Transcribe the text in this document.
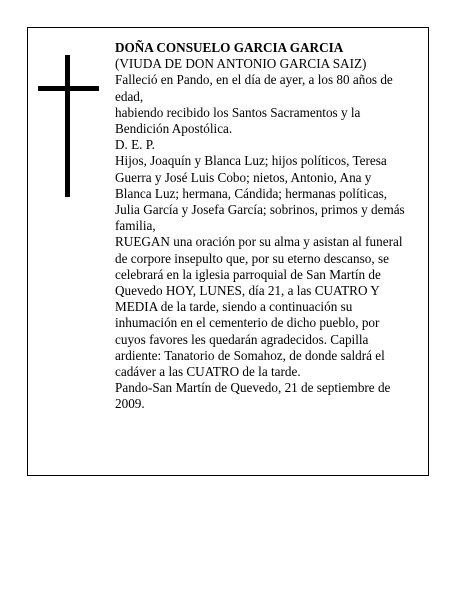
DOÑA CONSUELO GARCIA GARCIA

(VIUDA DE DON ANTONIO GARCIA SAIZ)

Falleció en Pando, en el día de ayer, a los 80 años de edad,

habiendo recibido los Santos Sacramentos y la Bendición Apostólica.

D. E. P.

Hijos, Joaquín y Blanca Luz; hijos políticos, Teresa Guerra y José Luis Cobo; nietos, Antonio, Ana y Blanca Luz; hermana, Cándida; hermanas políticas, Julia García y Josefa García; sobrinos, primos y demás familia,

RUEGAN una oración por su alma y asistan al funeral de corpore insepulto que, por su eterno descanso, se celebrará en la iglesia parroquial de San Martín de Quevedo HOY, LUNES, día 21, a las CUATRO Y MEDIA de la tarde, siendo a continuación su inhumación en el cementerio de dicho pueblo, por cuyos favores les quedarán agradecidos. Capilla ardiente: Tanatorio de Somahoz, de donde saldrá el cadáver a las CUATRO de la tarde.

Pando-San Martín de Quevedo, 21 de septiembre de 2009.
